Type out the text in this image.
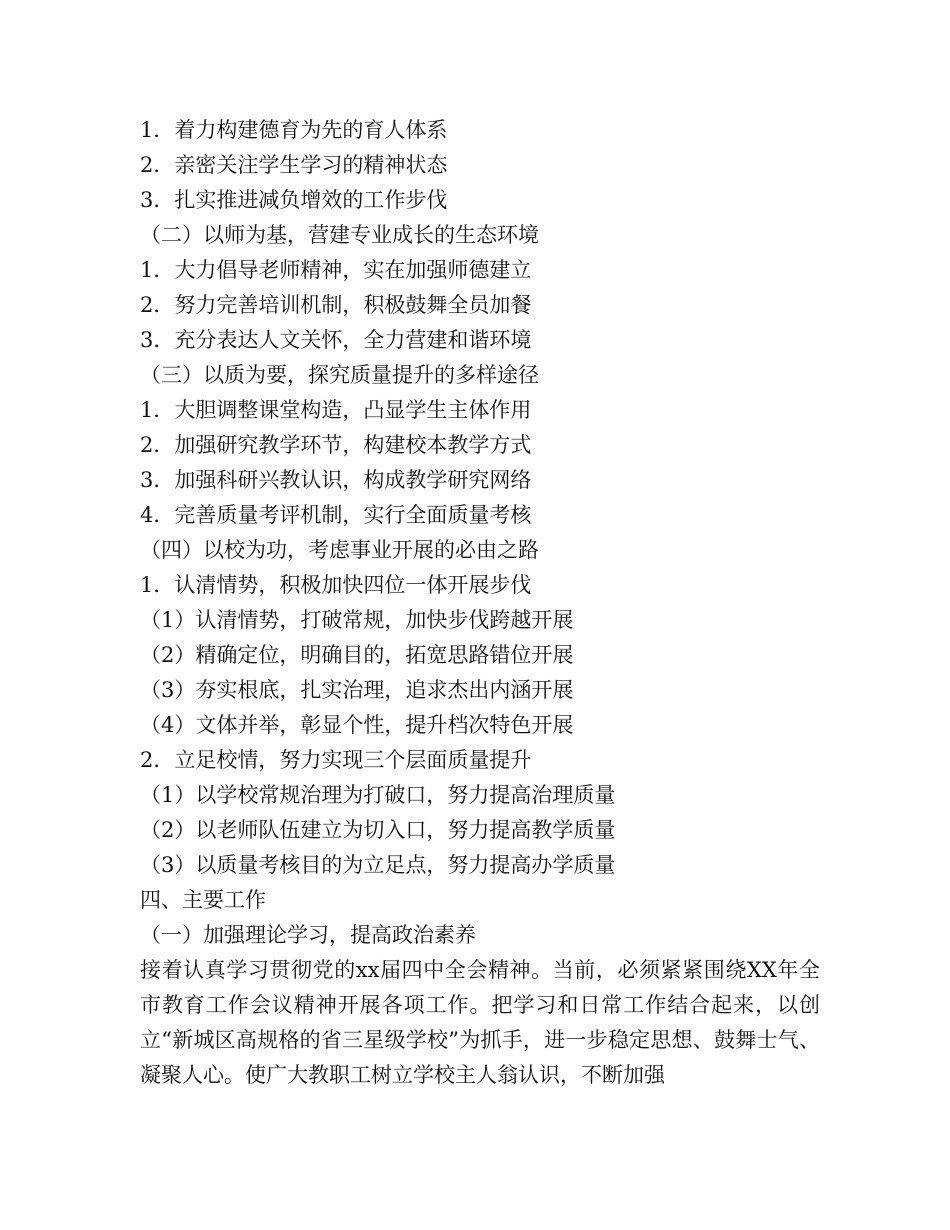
1．着力构建德育为先的育人体系
2．亲密关注学生学习的精神状态
3．扎实推进减负增效的工作步伐
（二）以师为基，营建专业成长的生态环境
1．大力倡导老师精神，实在加强师德建立
2．努力完善培训机制，积极鼓舞全员加餐
3．充分表达人文关怀，全力营建和谐环境
（三）以质为要，探究质量提升的多样途径
1．大胆调整课堂构造，凸显学生主体作用
2．加强研究教学环节，构建校本教学方式
3．加强科研兴教认识，构成教学研究网络
4．完善质量考评机制，实行全面质量考核
（四）以校为功，考虑事业开展的必由之路
1．认清情势，积极加快四位一体开展步伐
（1）认清情势，打破常规，加快步伐跨越开展
（2）精确定位，明确目的，拓宽思路错位开展
（3）夯实根底，扎实治理，追求杰出内涵开展
（4）文体并举，彰显个性，提升档次特色开展
2．立足校情，努力实现三个层面质量提升
（1）以学校常规治理为打破口，努力提高治理质量
（2）以老师队伍建立为切入口，努力提高教学质量
（3）以质量考核目的为立足点，努力提高办学质量
四、主要工作
（一）加强理论学习，提高政治素养

接着认真学习贯彻党的xx届四中全会精神。当前，必须紧紧围绕XX年全市教育工作会议精神开展各项工作。把学习和日常工作结合起来，以创立“新城区高规格的省三星级学校”为抓手，进一步稳定思想、鼓舞士气、凝聚人心。使广大教职工树立学校主人翁认识，不断加强
